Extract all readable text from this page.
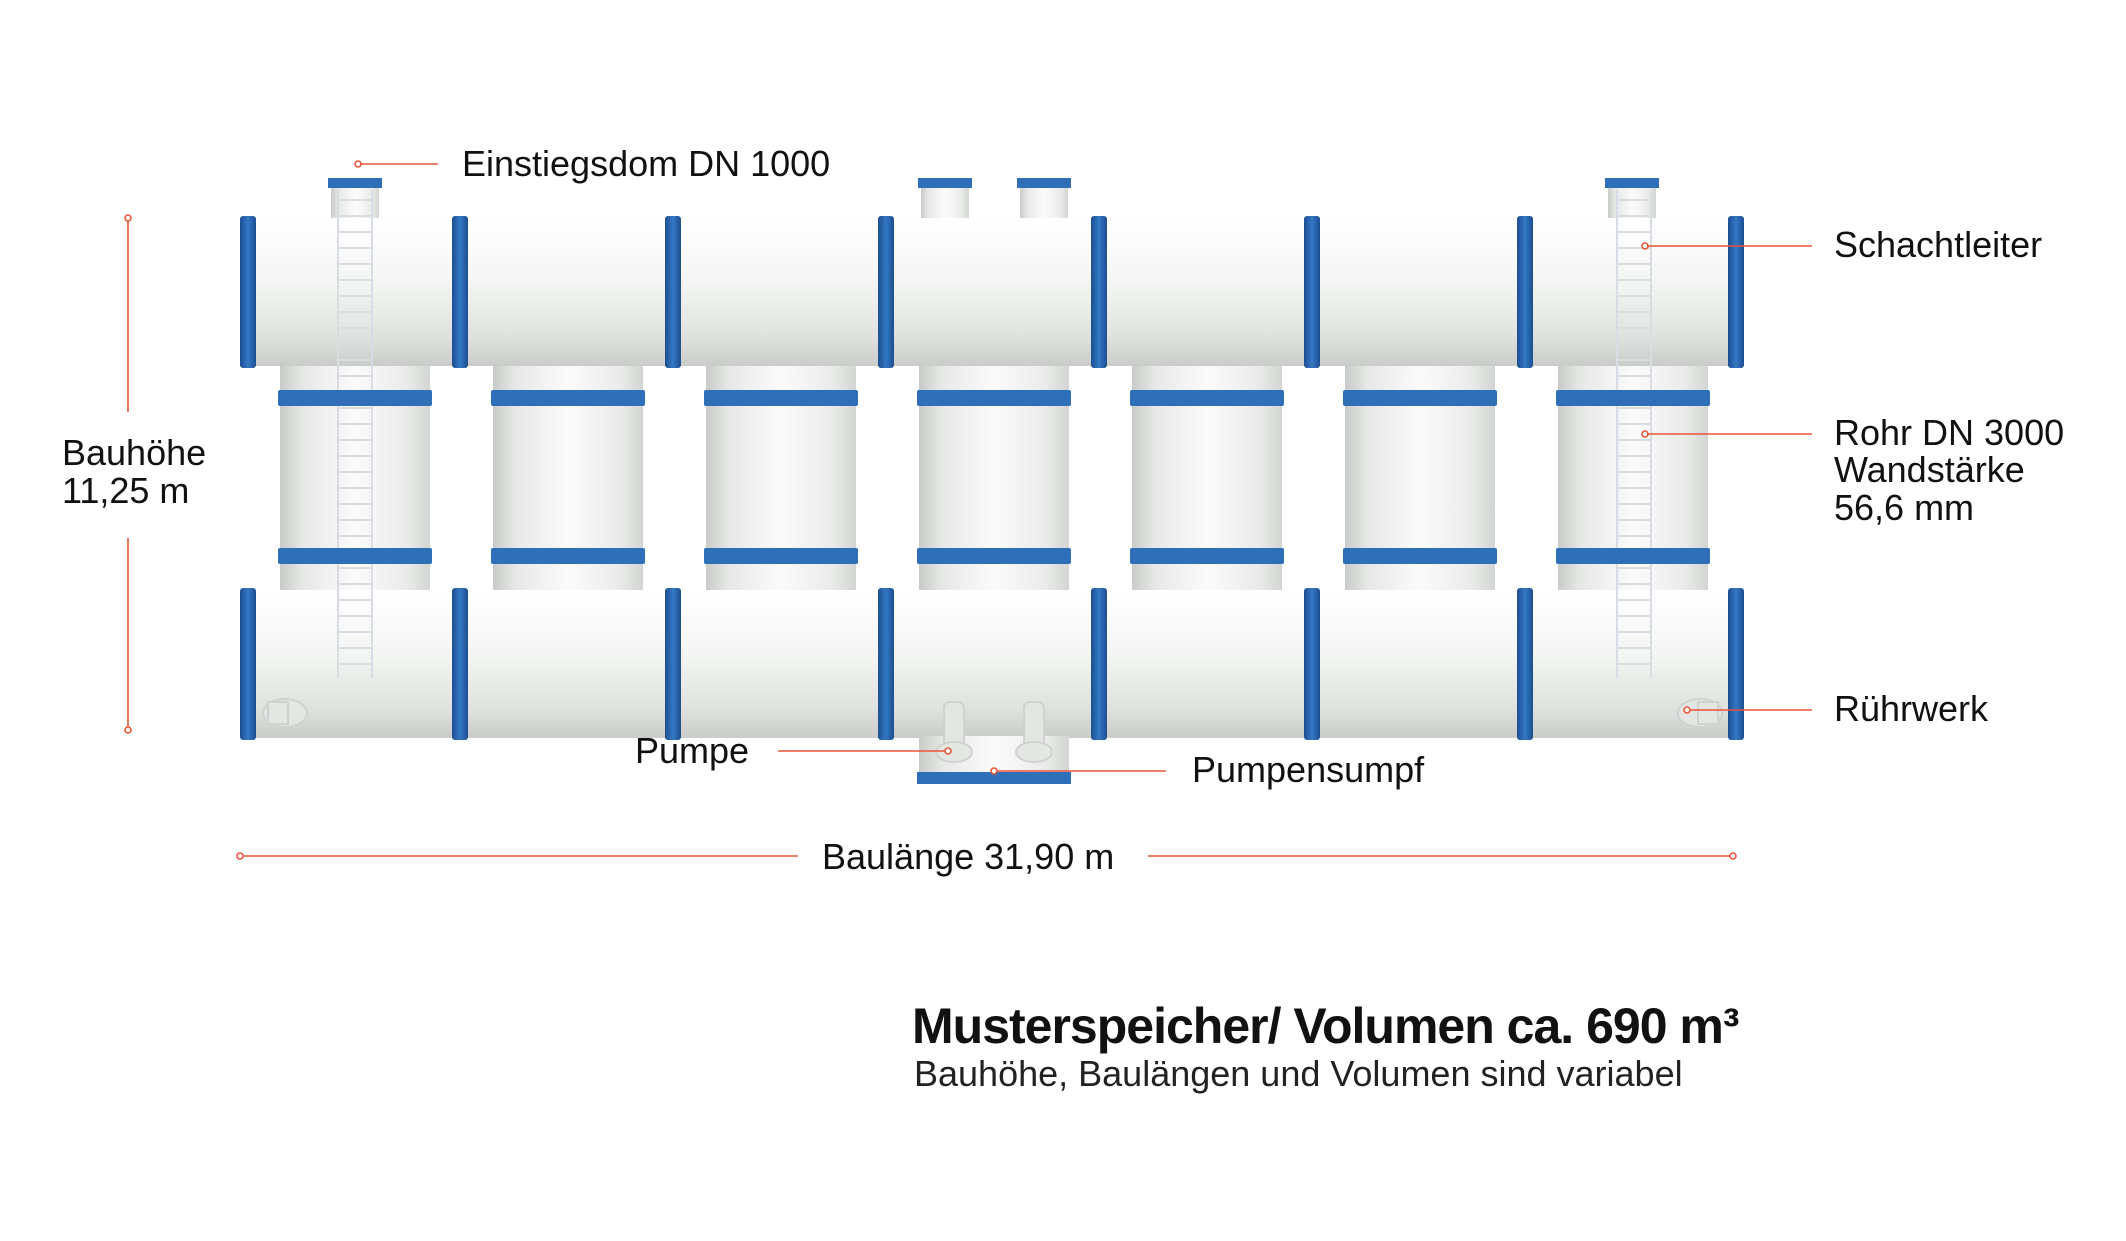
Einstiegsdom DN 1000
Schachtleiter
Rohr DN 3000
Wandstärke
56,6 mm
Rührwerk
Pumpe	Pumpensumpf
Bauhöhe
11,25 m
Baulänge 31,90 m
Musterspeicher/ Volumen ca. 690 m³
Bauhöhe, Baulängen und Volumen sind variabel
